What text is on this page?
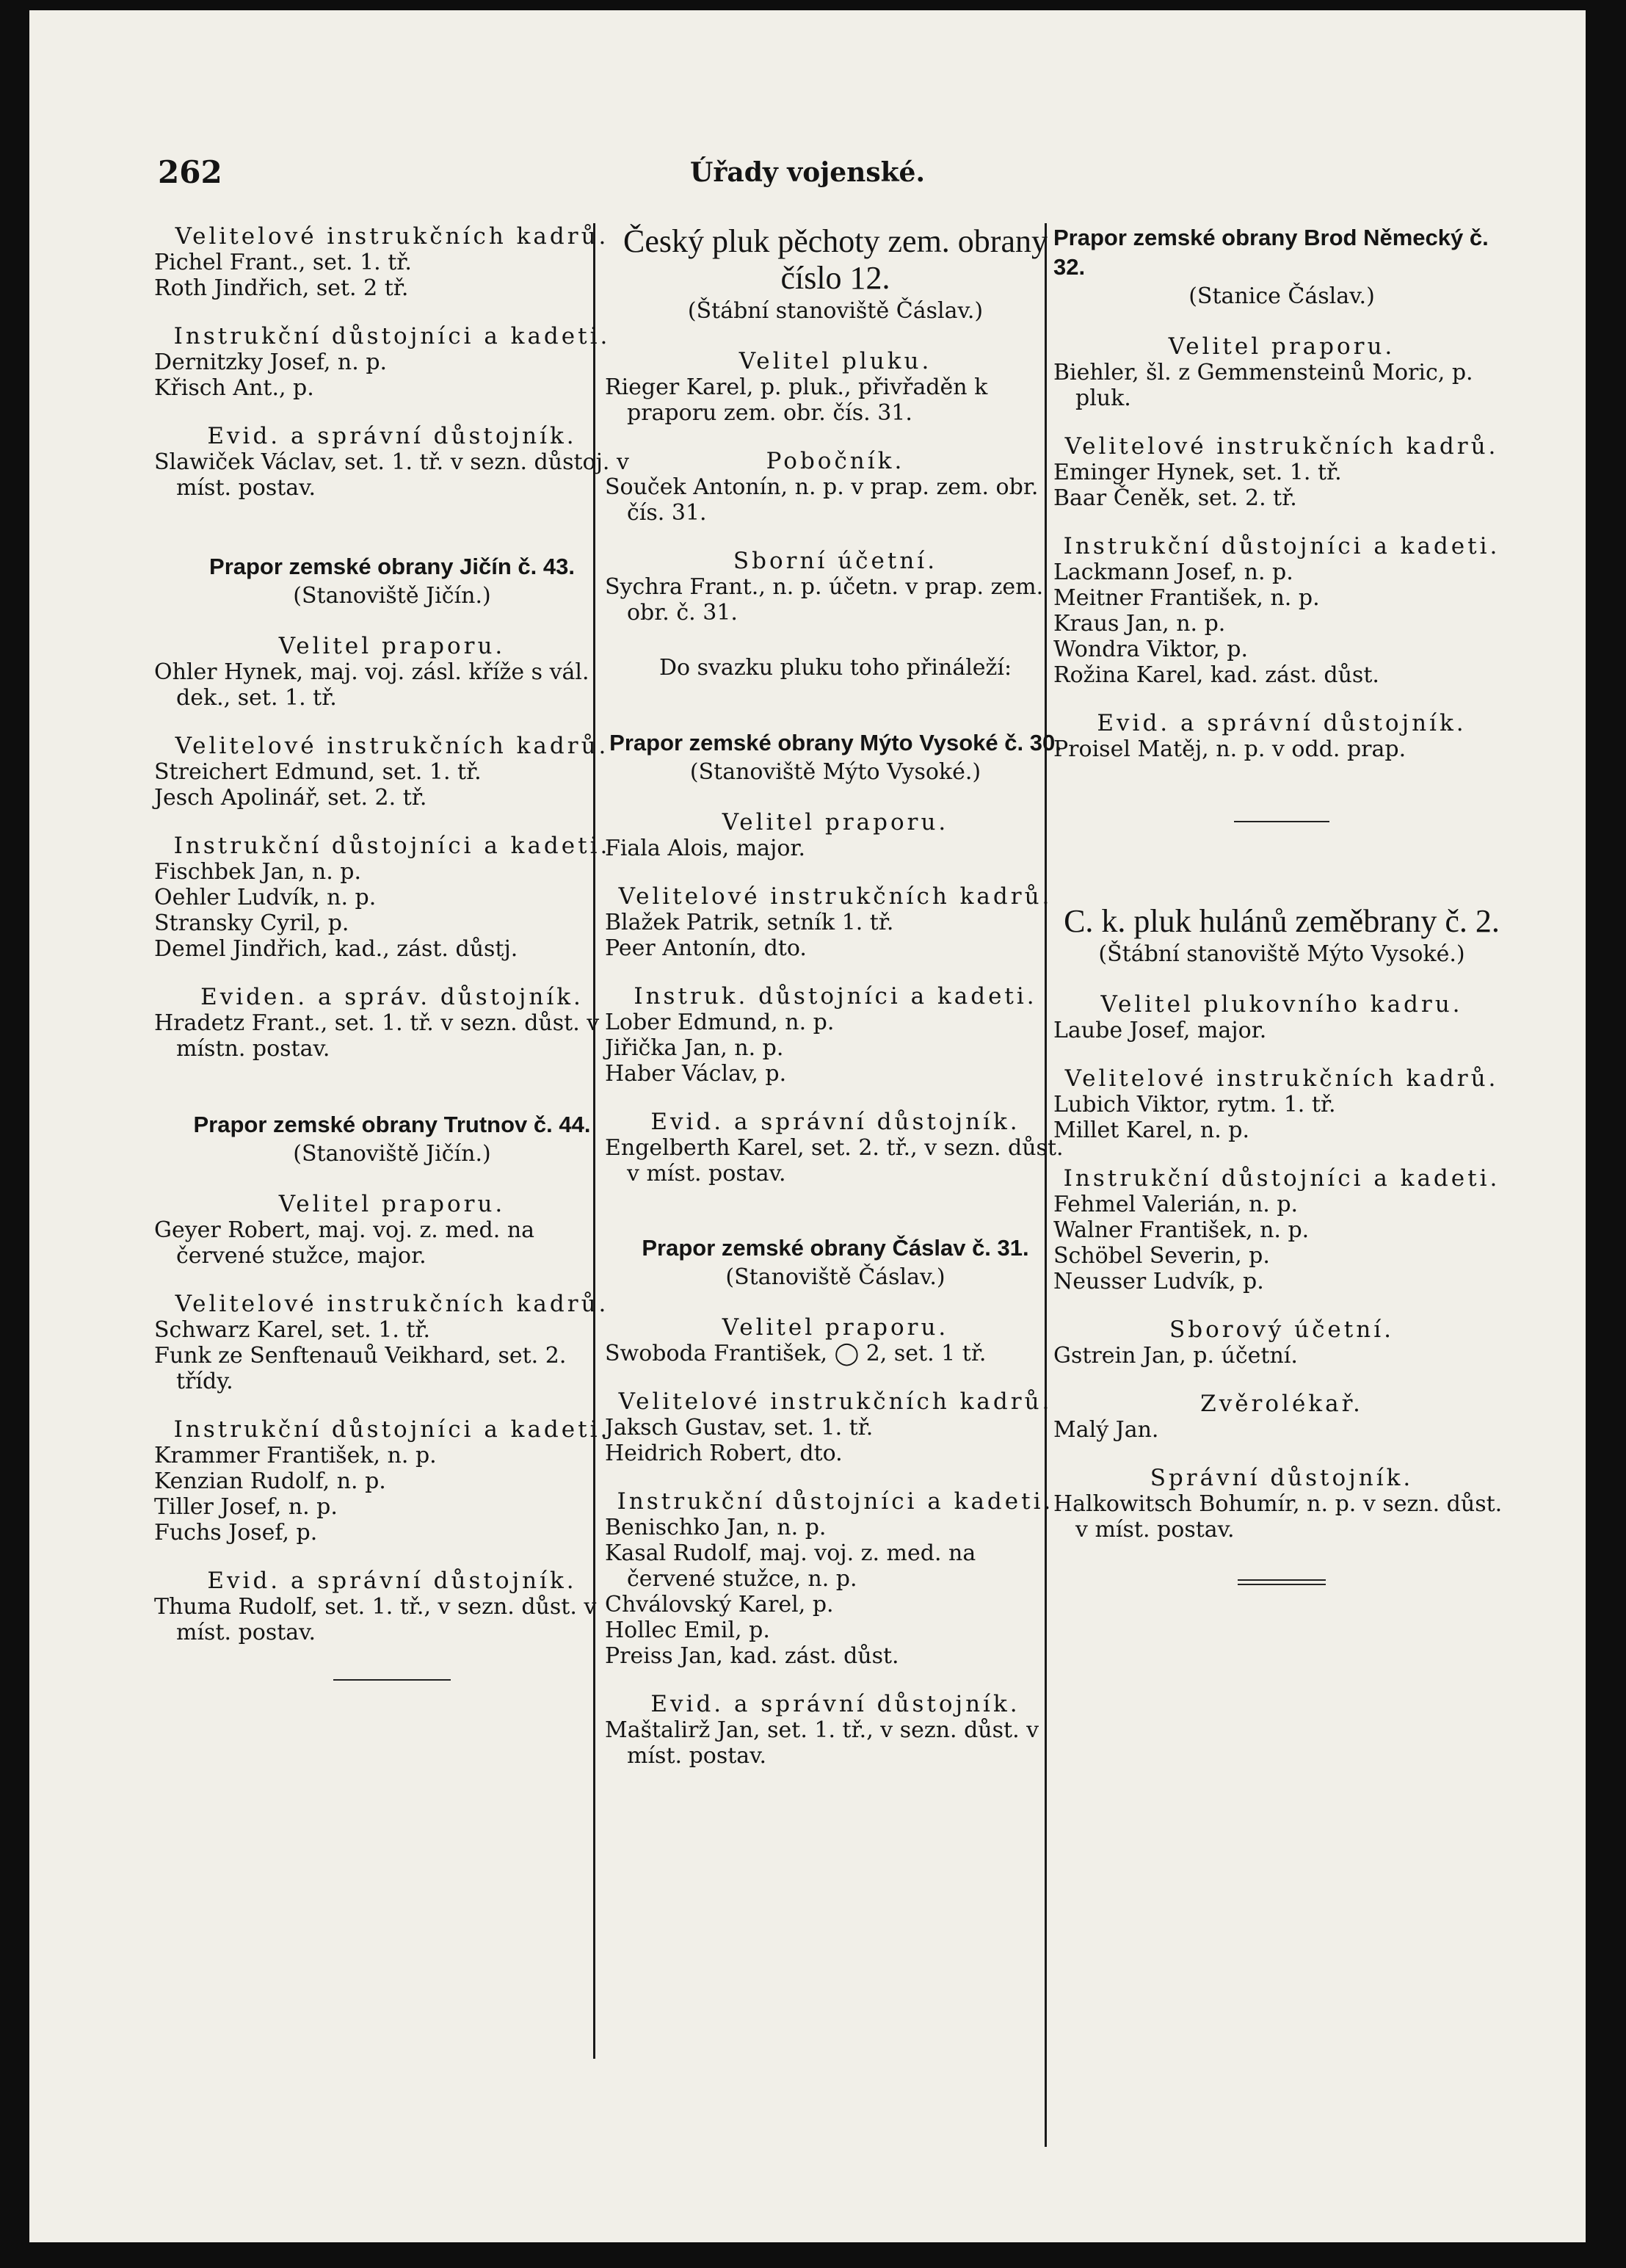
262	Úřady vojenské.
Velitelové instrukčních kadrů.
Pichel Frant., set. 1. tř.
Roth Jindřich, set. 2 tř.
Instrukční důstojníci a kadeti.
Dernitzky Josef, n. p.
Křisch Ant., p.
Evid. a správní důstojník.
Slawiček Václav, set. 1. tř. v sezn. důstoj. v míst. postav.
Prapor zemské obrany Jičín č. 43.
(Stanoviště Jičín.)
Velitel praporu.
Ohler Hynek, maj. voj. zásl. kříže s vál. dek., set. 1. tř.
Velitelové instrukčních kadrů.
Streichert Edmund, set. 1. tř.
Jesch Apolinář, set. 2. tř.
Instrukční důstojníci a kadeti.
Fischbek Jan, n. p.
Oehler Ludvík, n. p.
Stransky Cyril, p.
Demel Jindřich, kad., zást. důstj.
Eviden. a správ. důstojník.
Hradetz Frant., set. 1. tř. v sezn. důst. v místn. postav.
Prapor zemské obrany Trutnov č. 44.
(Stanoviště Jičín.)
Velitel praporu.
Geyer Robert, maj. voj. z. med. na červené stužce, major.
Velitelové instrukčních kadrů.
Schwarz Karel, set. 1. tř.
Funk ze Senftenauů Veikhard, set. 2. třídy.
Instrukční důstojníci a kadeti.
Krammer František, n. p.
Kenzian Rudolf, n. p.
Tiller Josef, n. p.
Fuchs Josef, p.
Evid. a správní důstojník.
Thuma Rudolf, set. 1. tř., v sezn. důst. v míst. postav.
Český pluk pěchoty zem. obrany číslo 12.
(Štábní stanoviště Čáslav.)
Velitel pluku.
Rieger Karel, p. pluk., přivřaděn k praporu zem. obr. čís. 31.
Pobočník.
Souček Antonín, n. p. v prap. zem. obr. čís. 31.
Sborní účetní.
Sychra Frant., n. p. účetn. v prap. zem. obr. č. 31.
Do svazku pluku toho přináleží:
Prapor zemské obrany Mýto Vysoké č. 30.
(Stanoviště Mýto Vysoké.)
Velitel praporu.
Fiala Alois, major.
Velitelové instrukčních kadrů.
Blažek Patrik, setník 1. tř.
Peer Antonín, dto.
Instruk. důstojníci a kadeti.
Lober Edmund, n. p.
Jiřička Jan, n. p.
Haber Václav, p.
Evid. a správní důstojník.
Engelberth Karel, set. 2. tř., v sezn. důst. v míst. postav.
Prapor zemské obrany Čáslav č. 31.
(Stanoviště Čáslav.)
Velitel praporu.
Swoboda František, ◯ 2, set. 1 tř.
Velitelové instrukčních kadrů.
Jaksch Gustav, set. 1. tř.
Heidrich Robert, dto.
Instrukční důstojníci a kadeti.
Benischko Jan, n. p.
Kasal Rudolf, maj. voj. z. med. na červené stužce, n. p.
Chválovský Karel, p.
Hollec Emil, p.
Preiss Jan, kad. zást. důst.
Evid. a správní důstojník.
Maštalirž Jan, set. 1. tř., v sezn. důst. v míst. postav.
Prapor zemské obrany Brod Německý č. 32.
(Stanice Čáslav.)
Velitel praporu.
Biehler, šl. z Gemmensteinů Moric, p. pluk.
Velitelové instrukčních kadrů.
Eminger Hynek, set. 1. tř.
Baar Čeněk, set. 2. tř.
Instrukční důstojníci a kadeti.
Lackmann Josef, n. p.
Meitner František, n. p.
Kraus Jan, n. p.
Wondra Viktor, p.
Rožina Karel, kad. zást. důst.
Evid. a správní důstojník.
Proisel Matěj, n. p. v odd. prap.
C. k. pluk hulánů zeměbrany č. 2.
(Štábní stanoviště Mýto Vysoké.)
Velitel plukovního kadru.
Laube Josef, major.
Velitelové instrukčních kadrů.
Lubich Viktor, rytm. 1. tř.
Millet Karel, n. p.
Instrukční důstojníci a kadeti.
Fehmel Valerián, n. p.
Walner František, n. p.
Schöbel Severin, p.
Neusser Ludvík, p.
Sborový účetní.
Gstrein Jan, p. účetní.
Zvěrolékař.
Malý Jan.
Správní důstojník.
Halkowitsch Bohumír, n. p. v sezn. důst. v míst. postav.
